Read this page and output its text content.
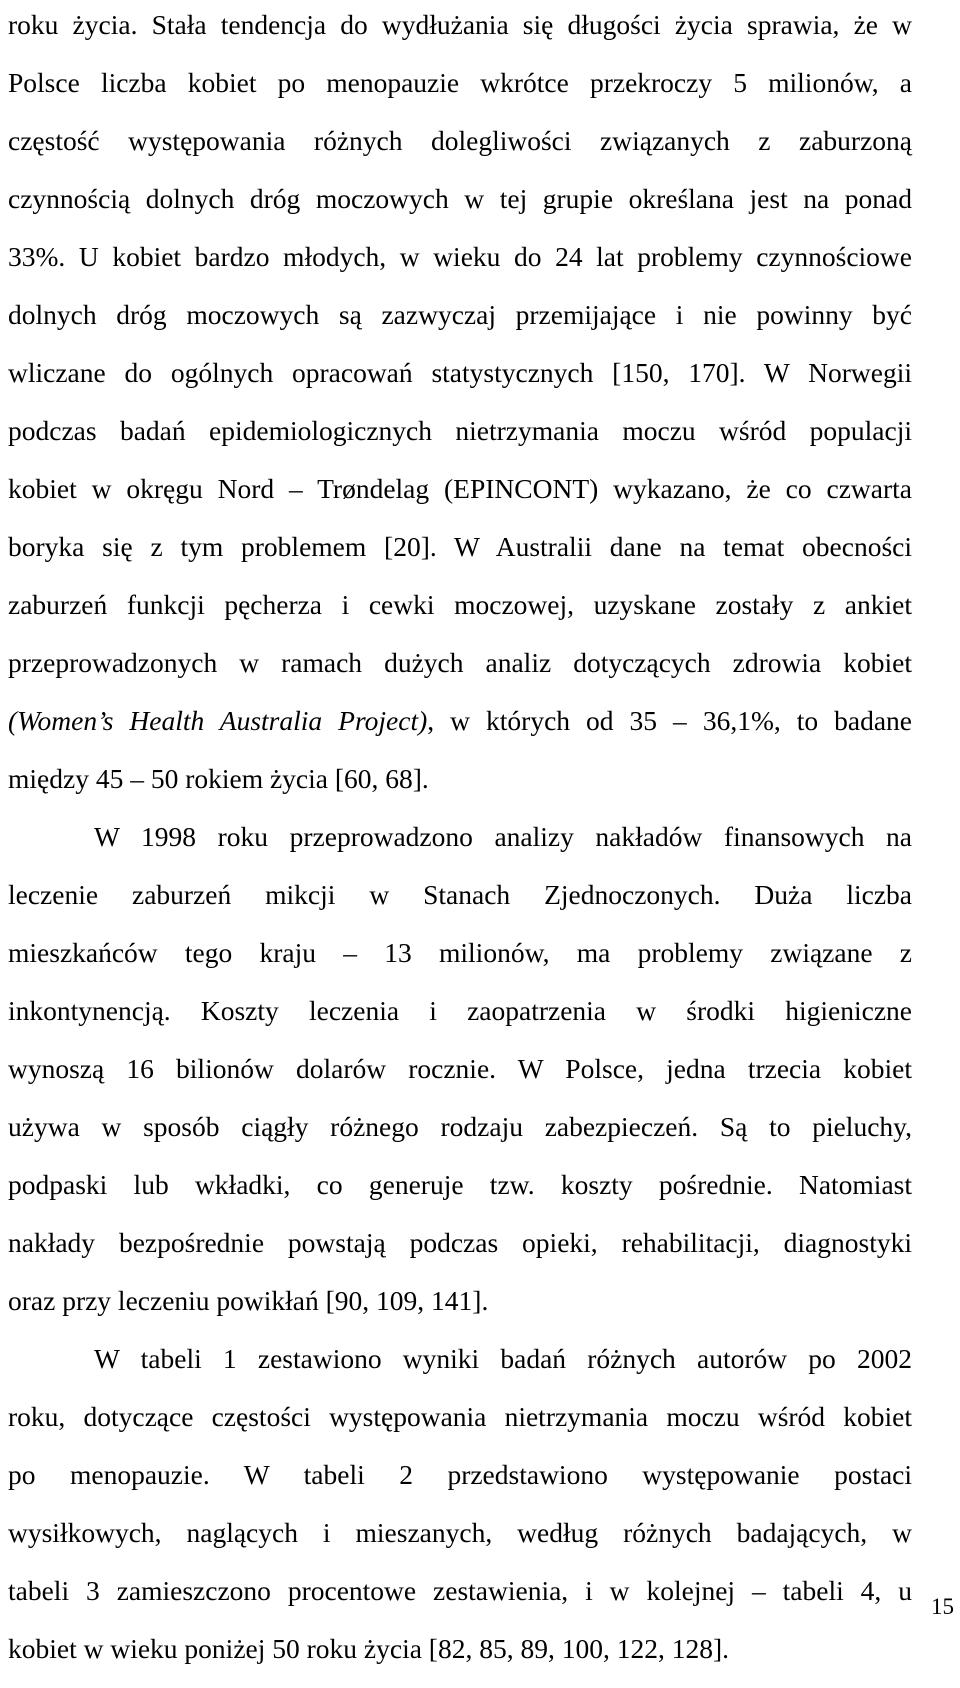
roku życia. Stała tendencja do wydłużania się długości życia sprawia, że w
Polsce liczba kobiet po menopauzie wkrótce przekroczy 5 milionów, a
częstość występowania różnych dolegliwości związanych z zaburzoną
czynnością dolnych dróg moczowych w tej grupie określana jest na ponad
33%. U kobiet bardzo młodych, w wieku do 24 lat problemy czynnościowe
dolnych dróg moczowych są zazwyczaj przemijające i nie powinny być
wliczane do ogólnych opracowań statystycznych [150, 170]. W Norwegii
podczas badań epidemiologicznych nietrzymania moczu wśród populacji
kobiet w okręgu Nord – Trøndelag (EPINCONT) wykazano, że co czwarta
boryka się z tym problemem [20]. W Australii dane na temat obecności
zaburzeń funkcji pęcherza i cewki moczowej, uzyskane zostały z ankiet
przeprowadzonych w ramach dużych analiz dotyczących zdrowia kobiet
(Women’s Health Australia Project), w których od 35 – 36,1%, to badane
między 45 – 50 rokiem życia [60, 68].
W 1998 roku przeprowadzono analizy nakładów finansowych na
leczenie zaburzeń mikcji w Stanach Zjednoczonych. Duża liczba
mieszkańców tego kraju – 13 milionów, ma problemy związane z
inkontynencją. Koszty leczenia i zaopatrzenia w środki higieniczne
wynoszą 16 bilionów dolarów rocznie. W Polsce, jedna trzecia kobiet
używa w sposób ciągły różnego rodzaju zabezpieczeń. Są to pieluchy,
podpaski lub wkładki, co generuje tzw. koszty pośrednie. Natomiast
nakłady bezpośrednie powstają podczas opieki, rehabilitacji, diagnostyki
oraz przy leczeniu powikłań [90, 109, 141].
W tabeli 1 zestawiono wyniki badań różnych autorów po 2002
roku, dotyczące częstości występowania nietrzymania moczu wśród kobiet
po menopauzie. W tabeli 2 przedstawiono występowanie postaci
wysiłkowych, naglących i mieszanych, według różnych badających, w
tabeli 3 zamieszczono procentowe zestawienia, i w kolejnej – tabeli 4, u
kobiet w wieku poniżej 50 roku życia [82, 85, 89, 100, 122, 128].
15
